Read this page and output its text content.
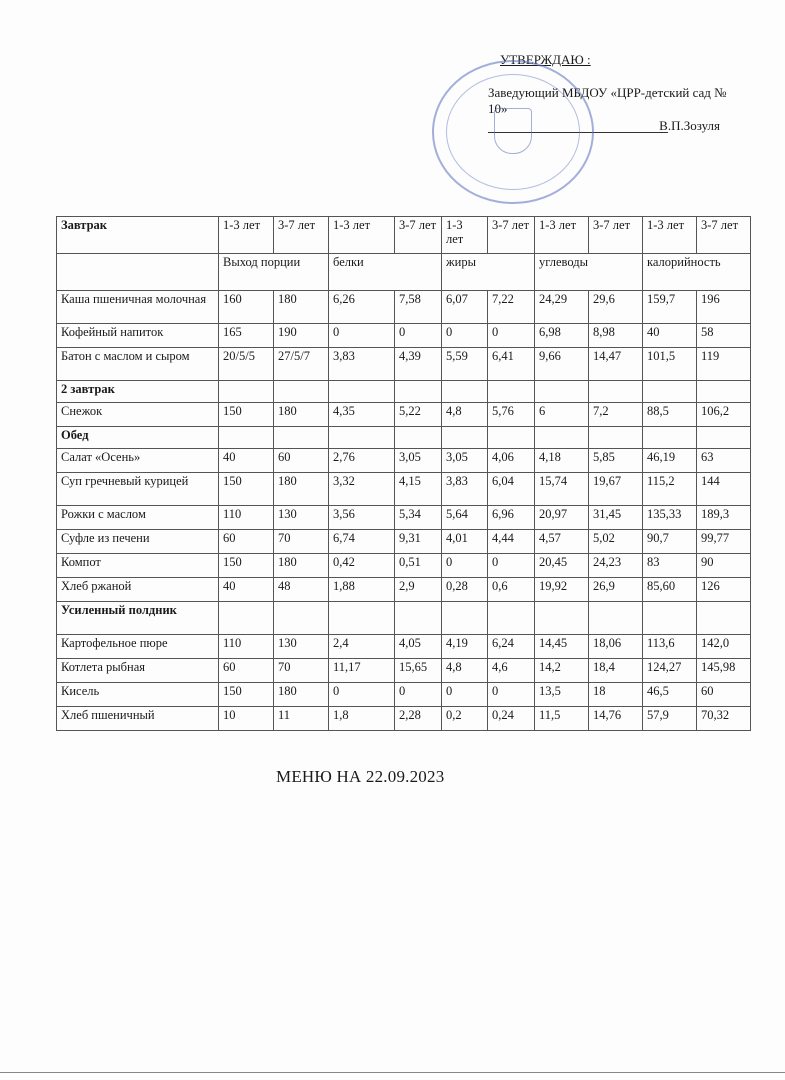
УТВЕРЖДАЮ :
Заведующий МБДОУ «ЦРР-детский сад № 10»
В.П.Зозуля
Завтрак	1-3 лет	3-7 лет	1-3 лет	3-7 лет	1-3 лет	3-7 лет	1-3 лет	3-7 лет	1-3 лет	3-7 лет
	Выход порции		белки		жиры		углеводы		калорийность	
Каша пшеничная молочная	160	180	6,26	7,58	6,07	7,22	24,29	29,6	159,7	196
Кофейный напиток	165	190	0	0	0	0	6,98	8,98	40	58
Батон с маслом и сыром	20/5/5	27/5/7	3,83	4,39	5,59	6,41	9,66	14,47	101,5	119
2 завтрак										
Снежок	150	180	4,35	5,22	4,8	5,76	6	7,2	88,5	106,2
Обед										
Салат «Осень»	40	60	2,76	3,05	3,05	4,06	4,18	5,85	46,19	63
Суп гречневый курицей	150	180	3,32	4,15	3,83	6,04	15,74	19,67	115,2	144
Рожки с маслом	110	130	3,56	5,34	5,64	6,96	20,97	31,45	135,33	189,3
Суфле из печени	60	70	6,74	9,31	4,01	4,44	4,57	5,02	90,7	99,77
Компот	150	180	0,42	0,51	0	0	20,45	24,23	83	90
Хлеб ржаной	40	48	1,88	2,9	0,28	0,6	19,92	26,9	85,60	126
Усиленный полдник										
Картофельное пюре	110	130	2,4	4,05	4,19	6,24	14,45	18,06	113,6	142,0
Котлета рыбная	60	70	11,17	15,65	4,8	4,6	14,2	18,4	124,27	145,98
Кисель	150	180	0	0	0	0	13,5	18	46,5	60
Хлеб пшеничный	10	11	1,8	2,28	0,2	0,24	11,5	14,76	57,9	70,32
МЕНЮ НА 22.09.2023
